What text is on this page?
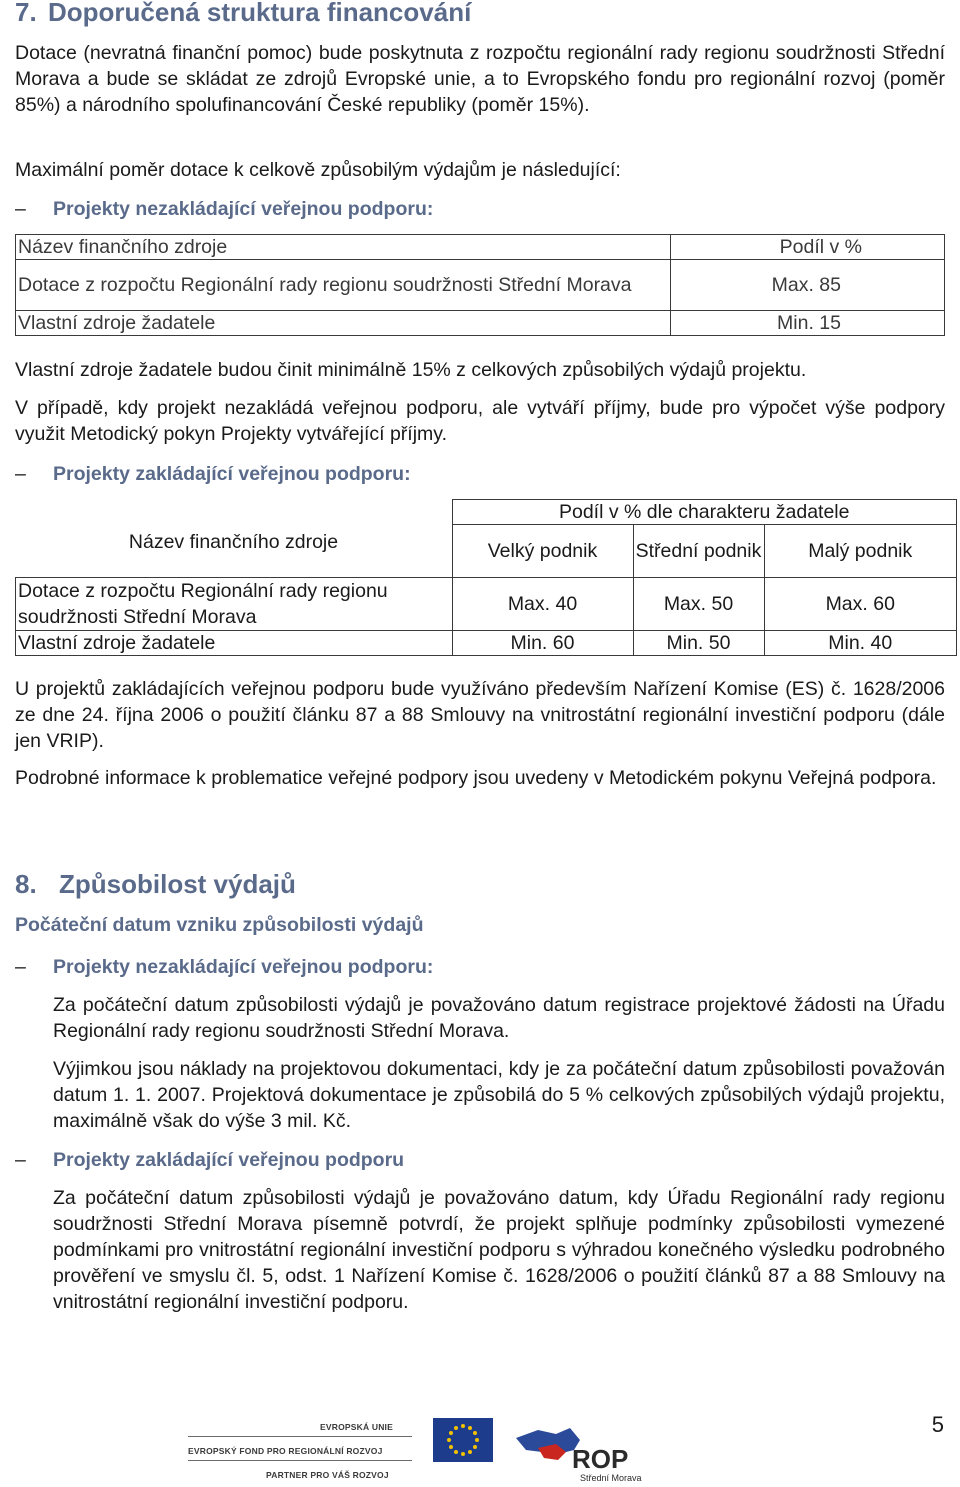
7. Doporučená struktura financování

Dotace (nevratná finanční pomoc) bude poskytnuta z rozpočtu regionální rady regionu soudržnosti Střední Morava a bude se skládat ze zdrojů Evropské unie, a to Evropského fondu pro regionální rozvoj (poměr 85%) a národního spolufinancování České republiky (poměr 15%).

Maximální poměr dotace k celkově způsobilým výdajům je následující:

– Projekty nezakládající veřejnou podporu:
Název finančního zdroje	Podíl v %
Dotace z rozpočtu Regionální rady regionu soudržnosti Střední Morava	Max. 85
Vlastní zdroje žadatele	Min. 15

Vlastní zdroje žadatele budou činit minimálně 15% z celkových způsobilých výdajů projektu.

V případě, kdy projekt nezakládá veřejnou podporu, ale vytváří příjmy, bude pro výpočet výše podpory využit Metodický pokyn Projekty vytvářející příjmy.

– Projekty zakládající veřejnou podporu:
Název finančního zdroje	Podíl v % dle charakteru žadatele		
	Velký podnik	Střední podnik	Malý podnik
Dotace z rozpočtu Regionální rady regionu soudržnosti Střední Morava	Max. 40	Max. 50	Max. 60
Vlastní zdroje žadatele	Min. 60	Min. 50	Min. 40

U projektů zakládajících veřejnou podporu bude využíváno především Nařízení Komise (ES) č. 1628/2006 ze dne 24. října 2006 o použití článku 87 a 88 Smlouvy na vnitrostátní regionální investiční podporu (dále jen VRIP).

Podrobné informace k problematice veřejné podpory jsou uvedeny v Metodickém pokynu Veřejná podpora.

8. Způsobilost výdajů
Počáteční datum vzniku způsobilosti výdajů
– Projekty nezakládající veřejnou podporu:

Za počáteční datum způsobilosti výdajů je považováno datum registrace projektové žádosti na Úřadu Regionální rady regionu soudržnosti Střední Morava.

Výjimkou jsou náklady na projektovou dokumentaci, kdy je za počáteční datum způsobilosti považován datum 1. 1. 2007. Projektová dokumentace je způsobilá do 5 % celkových způsobilých výdajů projektu, maximálně však do výše 3 mil. Kč.

– Projekty zakládající veřejnou podporu

Za počáteční datum způsobilosti výdajů je považováno datum, kdy Úřadu Regionální rady regionu soudržnosti Střední Morava písemně potvrdí, že projekt splňuje podmínky způsobilosti vymezené podmínkami pro vnitrostátní regionální investiční podporu s výhradou konečného výsledku podrobného prověření ve smyslu čl. 5, odst. 1 Nařízení Komise č. 1628/2006 o použití článků 87 a 88 Smlouvy na vnitrostátní regionální investiční podporu.

5
EVROPSKÁ UNIE
EVROPSKÝ FOND PRO REGIONÁLNÍ ROZVOJ
PARTNER PRO VÁŠ ROZVOJ
ROP
Střední Morava
